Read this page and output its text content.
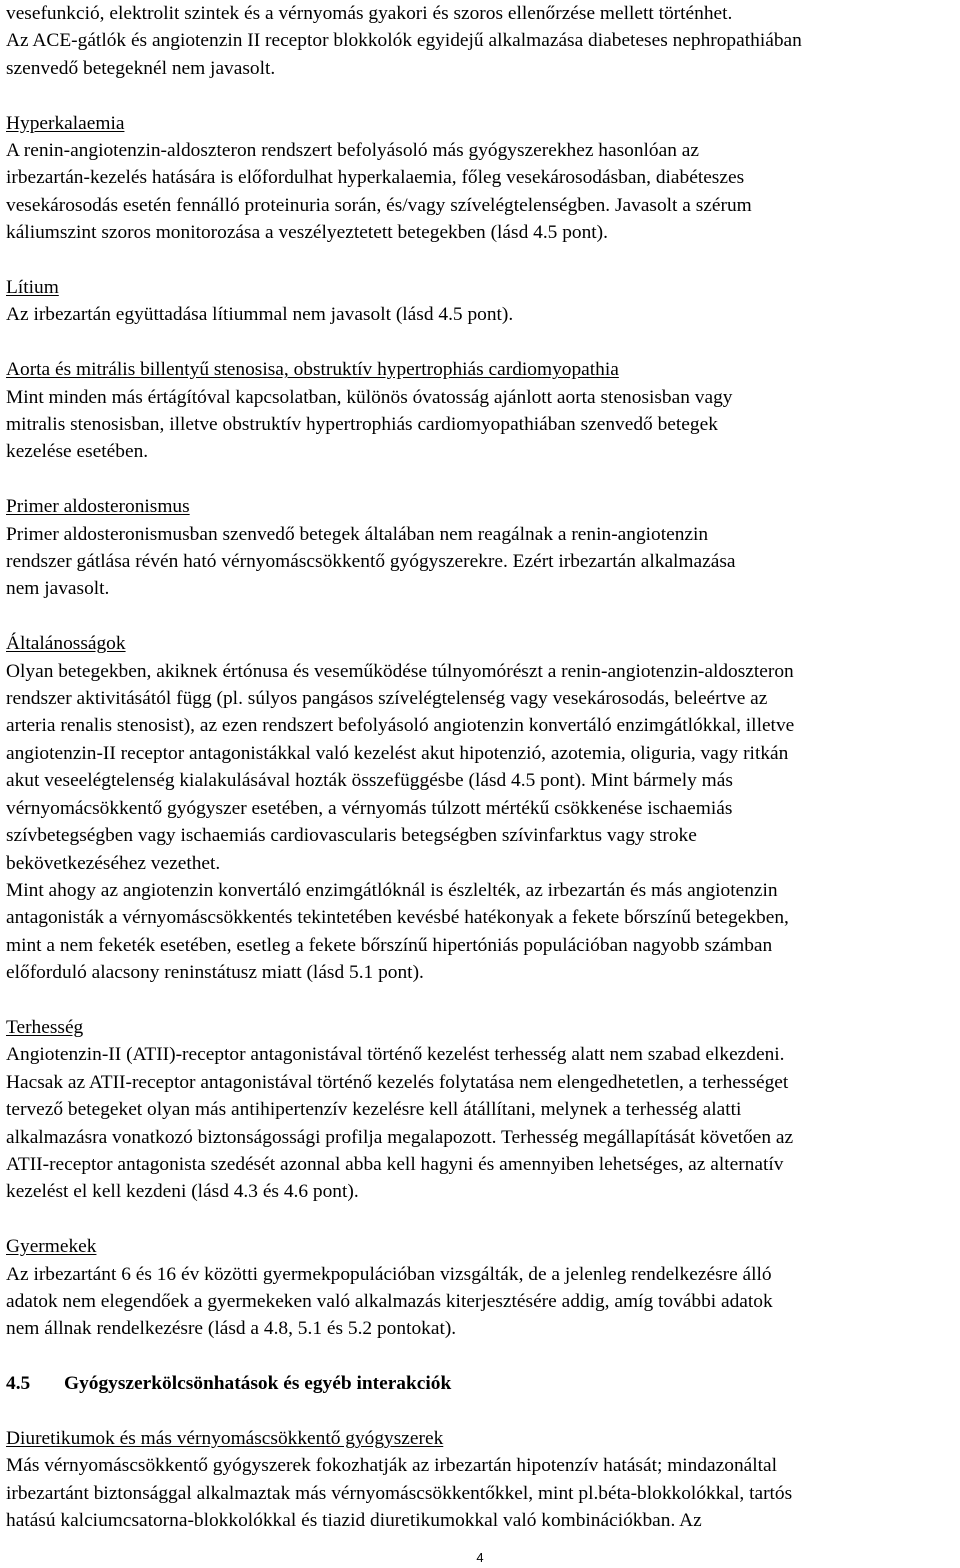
vesefunkció, elektrolit szintek és a vérnyomás gyakori és szoros ellenőrzése mellett történhet.

Az ACE-gátlók és angiotenzin II receptor blokkolók egyidejű alkalmazása diabeteses nephropathiában

szenvedő betegeknél nem javasolt.

Hyperkalaemia

A renin-angiotenzin-aldoszteron rendszert befolyásoló más gyógyszerekhez hasonlóan az

irbezartán-kezelés hatására is előfordulhat hyperkalaemia, főleg vesekárosodásban, diabéteszes

vesekárosodás esetén fennálló proteinuria során, és/vagy szívelégtelenségben. Javasolt a szérum

káliumszint szoros monitorozása a veszélyeztetett betegekben (lásd 4.5 pont).

Lítium

Az irbezartán együttadása lítiummal nem javasolt (lásd 4.5 pont).

Aorta és mitrális billentyű stenosisa, obstruktív hypertrophiás cardiomyopathia

Mint minden más értágítóval kapcsolatban, különös óvatosság ajánlott aorta stenosisban vagy

mitralis stenosisban, illetve obstruktív hypertrophiás cardiomyopathiában szenvedő betegek

kezelése esetében.

Primer aldosteronismus

Primer aldosteronismusban szenvedő betegek általában nem reagálnak a renin-angiotenzin

rendszer gátlása révén ható vérnyomáscsökkentő gyógyszerekre. Ezért irbezartán alkalmazása

nem javasolt.

Általánosságok

Olyan betegekben, akiknek értónusa és veseműködése túlnyomórészt a renin-angiotenzin-aldoszteron

rendszer aktivitásától függ (pl. súlyos pangásos szívelégtelenség vagy vesekárosodás, beleértve az

arteria renalis stenosist), az ezen rendszert befolyásoló angiotenzin konvertáló enzimgátlókkal, illetve

angiotenzin-II receptor antagonistákkal való kezelést akut hipotenzió, azotemia, oliguria, vagy ritkán

akut veseelégtelenség kialakulásával hozták összefüggésbe (lásd 4.5 pont). Mint bármely más

vérnyomácsökkentő gyógyszer esetében, a vérnyomás túlzott mértékű csökkenése ischaemiás

szívbetegségben vagy ischaemiás cardiovascularis betegségben szívinfarktus vagy stroke

bekövetkezéséhez vezethet.

Mint ahogy az angiotenzin konvertáló enzimgátlóknál is észlelték, az irbezartán és más angiotenzin

antagonisták a vérnyomáscsökkentés tekintetében kevésbé hatékonyak a fekete bőrszínű betegekben,

mint a nem feketék esetében, esetleg a fekete bőrszínű hipertóniás populációban nagyobb számban

előforduló alacsony reninstátusz miatt (lásd 5.1 pont).

Terhesség

Angiotenzin-II (ATII)-receptor antagonistával történő kezelést terhesség alatt nem szabad elkezdeni.

Hacsak az ATII-receptor antagonistával történő kezelés folytatása nem elengedhetetlen, a terhességet

tervező betegeket olyan más antihipertenzív kezelésre kell átállítani, melynek a terhesség alatti

alkalmazásra vonatkozó biztonságossági profilja megalapozott. Terhesség megállapítását követően az

ATII-receptor antagonista szedését azonnal abba kell hagyni és amennyiben lehetséges, az alternatív

kezelést el kell kezdeni (lásd 4.3 és 4.6 pont).

Gyermekek

Az irbezartánt 6 és 16 év közötti gyermekpopulációban vizsgálták, de a jelenleg rendelkezésre álló

adatok nem elegendőek a gyermekeken való alkalmazás kiterjesztésére addig, amíg további adatok

nem állnak rendelkezésre (lásd a 4.8, 5.1 és 5.2 pontokat).

4.5	Gyógyszerkölcsönhatások és egyéb interakciók

Diuretikumok és más vérnyomáscsökkentő gyógyszerek

Más vérnyomáscsökkentő gyógyszerek fokozhatják az irbezartán hipotenzív hatását; mindazonáltal

irbezartánt biztonsággal alkalmaztak más vérnyomáscsökkentőkkel, mint pl.béta-blokkolókkal, tartós

hatású kalciumcsatorna-blokkolókkal és tiazid diuretikumokkal való kombinációkban. Az

4
